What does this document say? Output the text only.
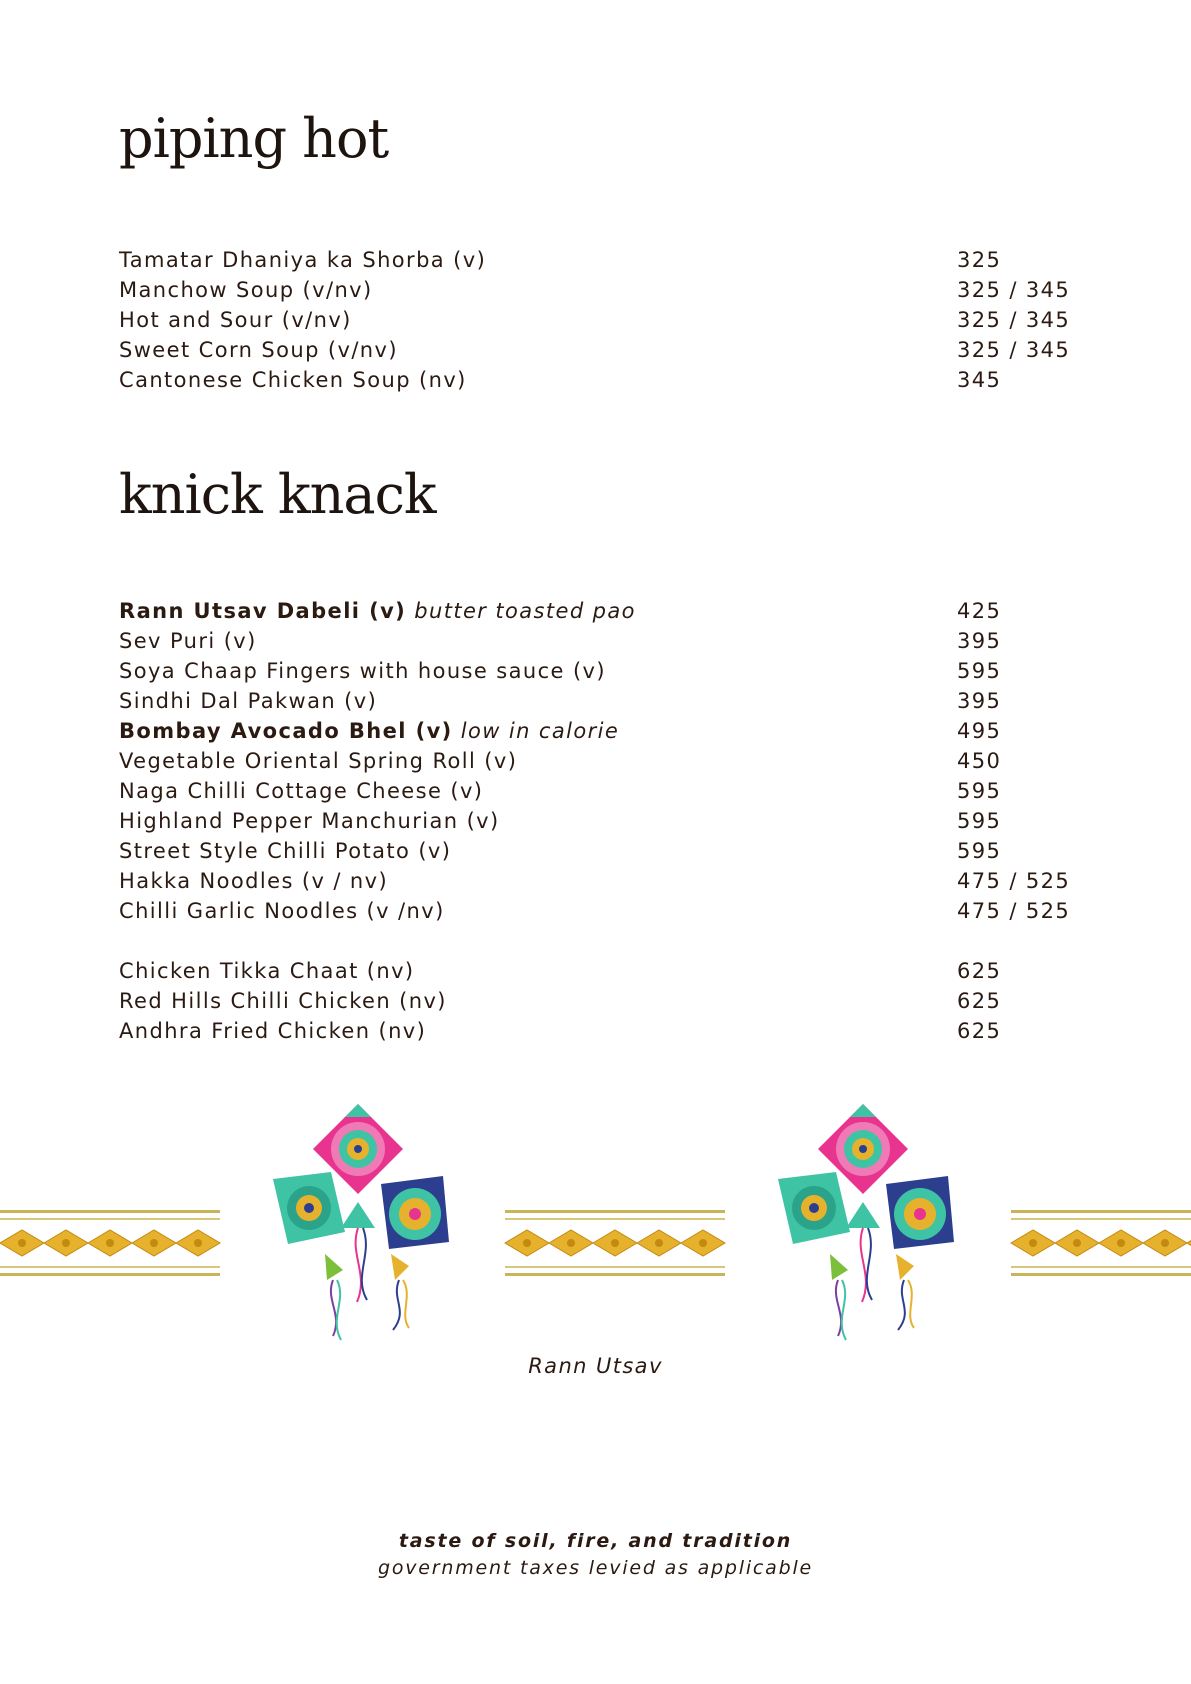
piping hot
Tamatar Dhaniya ka Shorba (v)	325
Manchow Soup (v/nv)	325 / 345
Hot and Sour (v/nv)	325 / 345
Sweet Corn Soup (v/nv)	325 / 345
Cantonese Chicken Soup (nv)	345
knick knack
Rann Utsav Dabeli (v) butter toasted pao	425
Sev Puri (v)	395
Soya Chaap Fingers with house sauce (v)	595
Sindhi Dal Pakwan (v)	395
Bombay Avocado Bhel (v) low in calorie	495
Vegetable Oriental Spring Roll (v)	450
Naga Chilli Cottage Cheese (v)	595
Highland Pepper Manchurian (v)	595
Street Style Chilli Potato (v)	595
Hakka Noodles (v / nv)	475 / 525
Chilli Garlic Noodles (v /nv)	475 / 525
Chicken Tikka Chaat (nv)	625
Red Hills Chilli Chicken (nv)	625
Andhra Fried Chicken (nv)	625
Rann Utsav
taste of soil, fire, and tradition
government taxes levied as applicable
